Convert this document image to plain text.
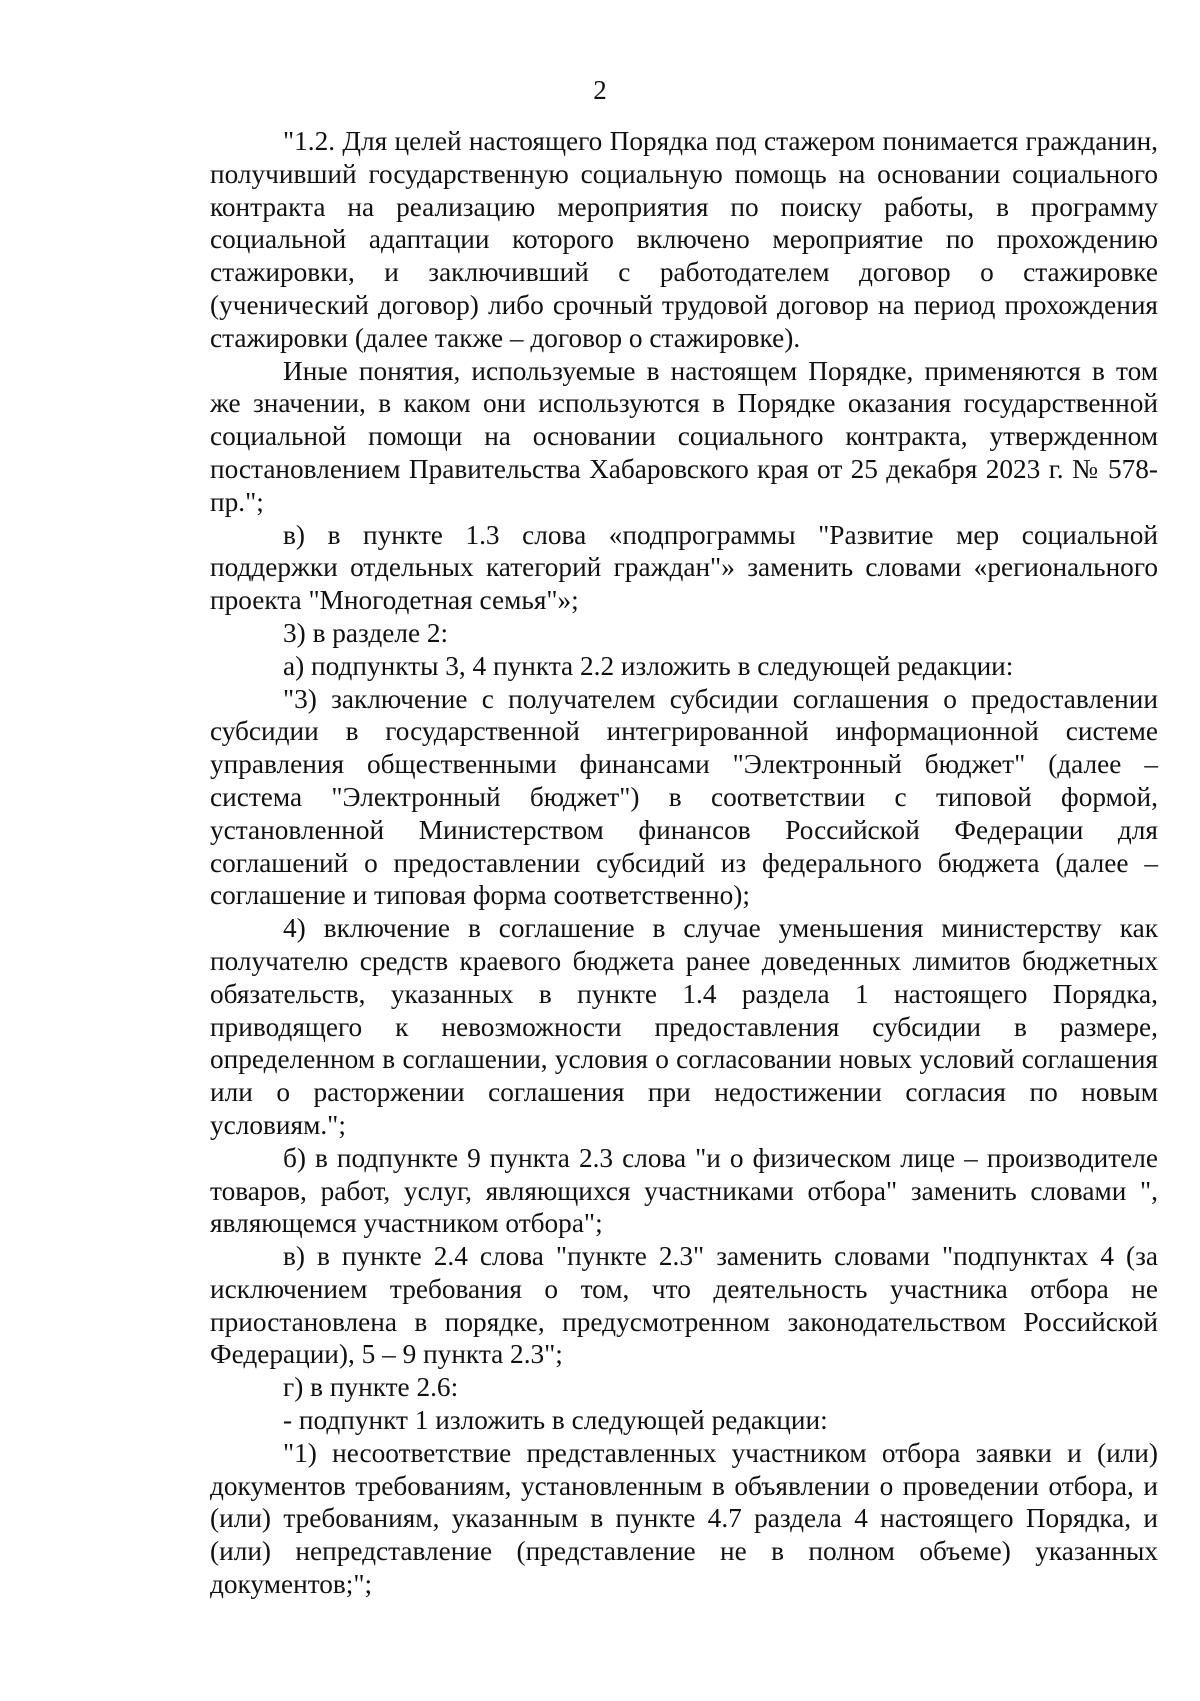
2

"1.2. Для целей настоящего Порядка под стажером понимается гражданин, получивший государственную социальную помощь на основании социального контракта на реализацию мероприятия по поиску работы, в программу социальной адаптации которого включено мероприятие по прохождению стажировки, и заключивший с работодателем договор о стажировке (ученический договор) либо срочный трудовой договор на период прохождения стажировки (далее также – договор о стажировке).

Иные понятия, используемые в настоящем Порядке, применяются в том же значении, в каком они используются в Порядке оказания государственной социальной помощи на основании социального контракта, утвержденном постановлением Правительства Хабаровского края от 25 декабря 2023 г. № 578-пр.";

в) в пункте 1.3 слова «подпрограммы "Развитие мер социальной поддержки отдельных категорий граждан"» заменить словами «регионального проекта "Многодетная семья"»;

3) в разделе 2:

а) подпункты 3, 4 пункта 2.2 изложить в следующей редакции:

"3) заключение с получателем субсидии соглашения о предоставлении субсидии в государственной интегрированной информационной системе управления общественными финансами "Электронный бюджет" (далее – система "Электронный бюджет") в соответствии с типовой формой, установленной Министерством финансов Российской Федерации для соглашений о предоставлении субсидий из федерального бюджета (далее – соглашение и типовая форма соответственно);

4) включение в соглашение в случае уменьшения министерству как получателю средств краевого бюджета ранее доведенных лимитов бюджетных обязательств, указанных в пункте 1.4 раздела 1 настоящего Порядка, приводящего к невозможности предоставления субсидии в размере, определенном в соглашении, условия о согласовании новых условий соглашения или о расторжении соглашения при недостижении согласия по новым условиям.";

б) в подпункте 9 пункта 2.3 слова "и о физическом лице – производителе товаров, работ, услуг, являющихся участниками отбора" заменить словами ", являющемся участником отбора";

в) в пункте 2.4 слова "пункте 2.3" заменить словами "подпунктах 4 (за исключением требования о том, что деятельность участника отбора не приостановлена в порядке, предусмотренном законодательством Российской Федерации), 5 – 9 пункта 2.3";

г) в пункте 2.6:

- подпункт 1 изложить в следующей редакции:

"1) несоответствие представленных участником отбора заявки и (или) документов требованиям, установленным в объявлении о проведении отбора, и (или) требованиям, указанным в пункте 4.7 раздела 4 настоящего Порядка, и (или) непредставление (представление не в полном объеме) указанных документов;";
